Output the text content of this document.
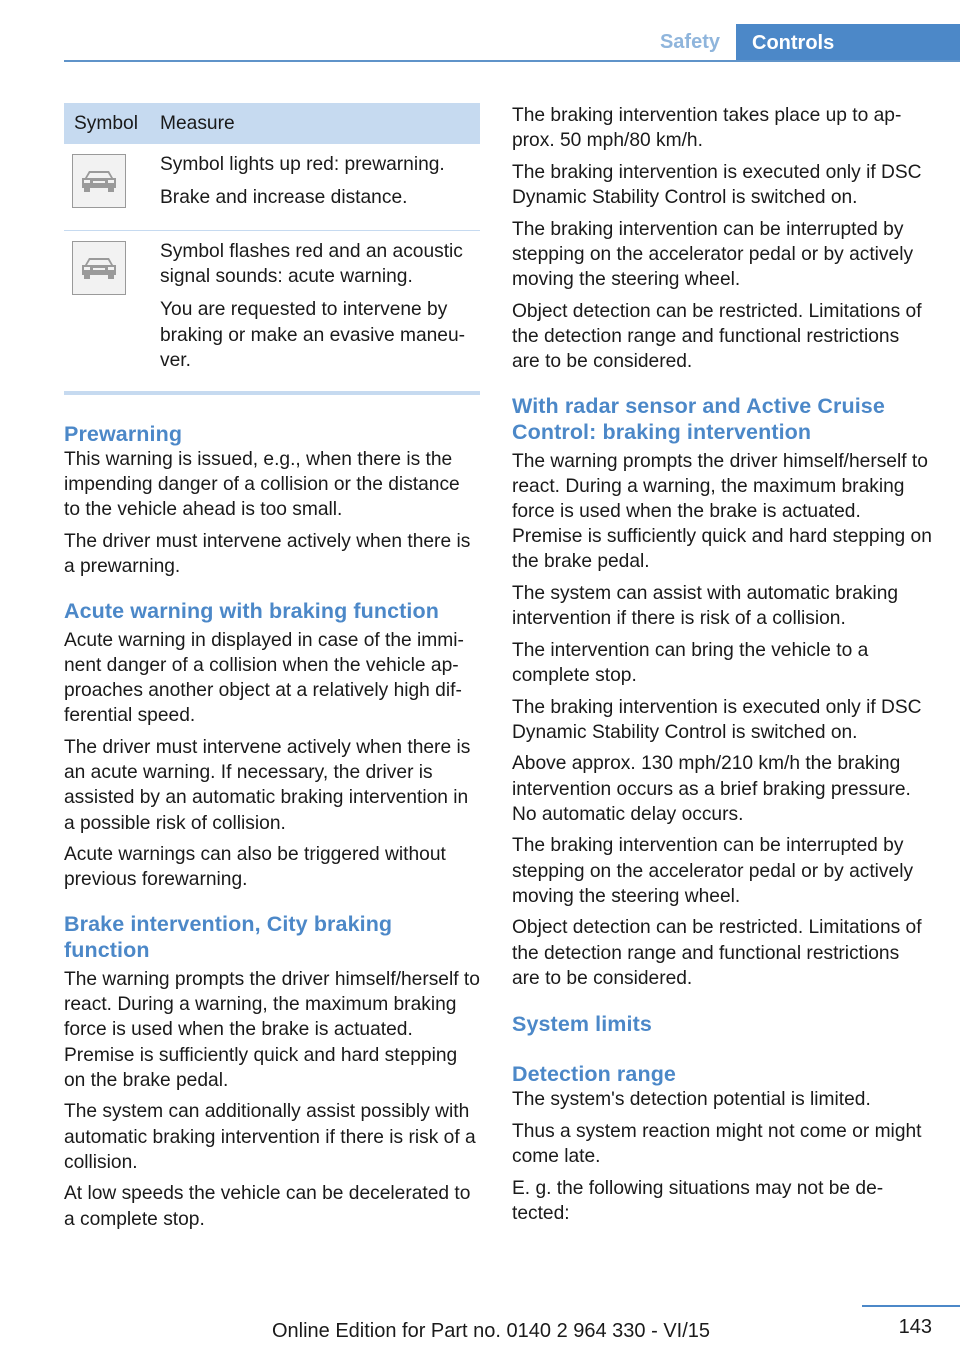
Safety	Controls
Symbol	Measure

Symbol lights up red: prewarning.

Brake and increase distance.

Symbol flashes red and an acoustic signal sounds: acute warning.

You are requested to intervene by braking or make an evasive maneuver.

Prewarning

This warning is issued, e.g., when there is the impending danger of a collision or the distance to the vehicle ahead is too small.

The driver must intervene actively when there is a prewarning.

Acute warning with braking function

Acute warning in displayed in case of the imminent danger of a collision when the vehicle approaches another object at a relatively high differential speed.

The driver must intervene actively when there is an acute warning. If necessary, the driver is assisted by an automatic braking intervention in a possible risk of collision.

Acute warnings can also be triggered without previous forewarning.

Brake intervention, City braking function

The warning prompts the driver himself/herself to react. During a warning, the maximum braking force is used when the brake is actuated. Premise is sufficiently quick and hard stepping on the brake pedal.

The system can additionally assist possibly with automatic braking intervention if there is risk of a collision.

At low speeds the vehicle can be decelerated to a complete stop.

The braking intervention takes place up to approx. 50 mph/80 km/h.

The braking intervention is executed only if DSC Dynamic Stability Control is switched on.

The braking intervention can be interrupted by stepping on the accelerator pedal or by actively moving the steering wheel.

Object detection can be restricted. Limitations of the detection range and functional restrictions are to be considered.

With radar sensor and Active Cruise Control: braking intervention

The warning prompts the driver himself/herself to react. During a warning, the maximum braking force is used when the brake is actuated. Premise is sufficiently quick and hard stepping on the brake pedal.

The system can assist with automatic braking intervention if there is risk of a collision.

The intervention can bring the vehicle to a complete stop.

The braking intervention is executed only if DSC Dynamic Stability Control is switched on.

Above approx. 130 mph/210 km/h the braking intervention occurs as a brief braking pressure. No automatic delay occurs.

The braking intervention can be interrupted by stepping on the accelerator pedal or by actively moving the steering wheel.

Object detection can be restricted. Limitations of the detection range and functional restrictions are to be considered.

System limits
Detection range

The system's detection potential is limited.

Thus a system reaction might not come or might come late.

E. g. the following situations may not be detected:

143
Online Edition for Part no. 0140 2 964 330 - VI/15
